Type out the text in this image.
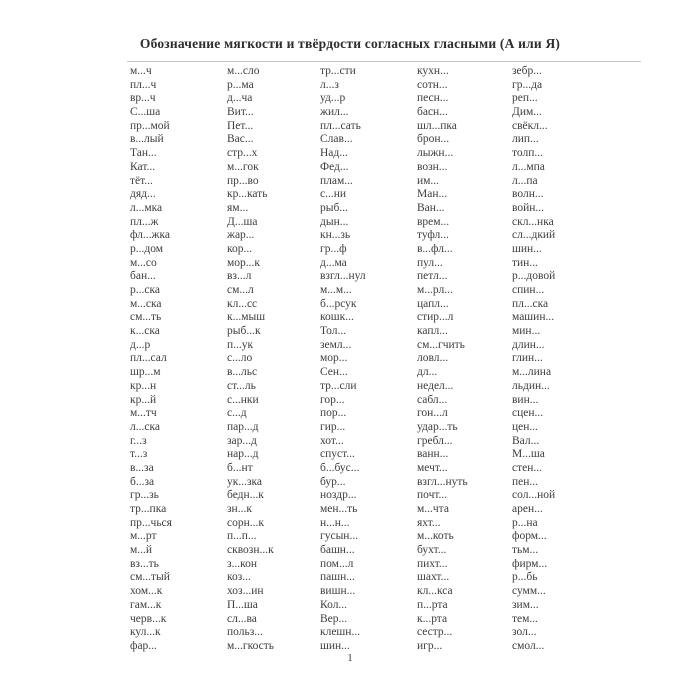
Обозначение мягкости и твёрдости согласных гласными (А или Я)
м...ч
пл...ч
вр...ч
С...ша
пр...мой
в...лый
Тан...
Кат...
тёт...
дяд...
л...мка
пл...ж
фл...жка
р...дом
м...со
бан...
р...ска
м...ска
см...ть
к...ска
д...р
пл...сал
шр...м
кр...н
кр...й
м...тч
л...ска
г...з
т...з
в...за
б...за
гр...зь
тр...пка
пр...чься
м...рт
м...й
вз...ть
см...тый
хом...к
гам...к
черв...к
кул...к
фар...
м...сло
р...ма
д...ча
Вит...
Пет...
Вас...
стр...х
м...гок
пр...во
кр...кать
ям...
Д...ша
жар...
кор...
мор...к
вз...л
см...л
кл...сс
к...мыш
рыб...к
п...ук
с...ло
в...льс
ст...ль
с...нки
с...д
пар...д
зар...д
нар...д
б...нт
ук...зка
бедн...к
зн...к
сорн...к
п...п...
сквозн...к
з...кон
коз...
хоз...ин
П...ша
сл...ва
польз...
м...гкость
тр...сти
л...з
уд...р
жил...
пл...сать
Слав...
Над...
Фед...
плам...
с...ни
рыб...
дын...
кн...зь
гр...ф
д...ма
взгл...нул
м...м...
б...рсук
кошк...
Тол...
земл...
мор...
Сен...
тр...сли
гор...
пор...
гир...
хот...
спуст...
б...бус...
бур...
ноздр...
мен...ть
н...н...
гусын...
башн...
пом...л
пашн...
вишн...
Кол...
Вер...
клешн...
шин...
кухн...
сотн...
песн...
басн...
шл...пка
брон...
лыжн...
возн...
им...
Ман...
Ван...
врем...
туфл...
в...фл...
пул...
петл...
м...рл...
цапл...
стир...л
капл...
см...гчить
ловл...
дл...
недел...
сабл...
гон...л
удар...ть
гребл...
ванн...
мечт...
взгл...нуть
почт...
м...чта
яхт...
м...коть
бухт...
пихт...
шахт...
кл...кса
п...рта
к...рта
сестр...
игр...
зебр...
гр...да
реп...
Дим...
свёкл...
лип...
толп...
л...мпа
л...па
волн...
войн...
скл...нка
сл...дкий
шин...
тин...
р...довой
спин...
пл...ска
машин...
мин...
длин...
глин...
м...лина
льдин...
вин...
сцен...
цен...
Вал...
М...ша
стен...
пен...
сол...ной
арен...
р...на
форм...
тьм...
фирм...
р...бь
сумм...
зим...
тем...
зол...
смол...
1
